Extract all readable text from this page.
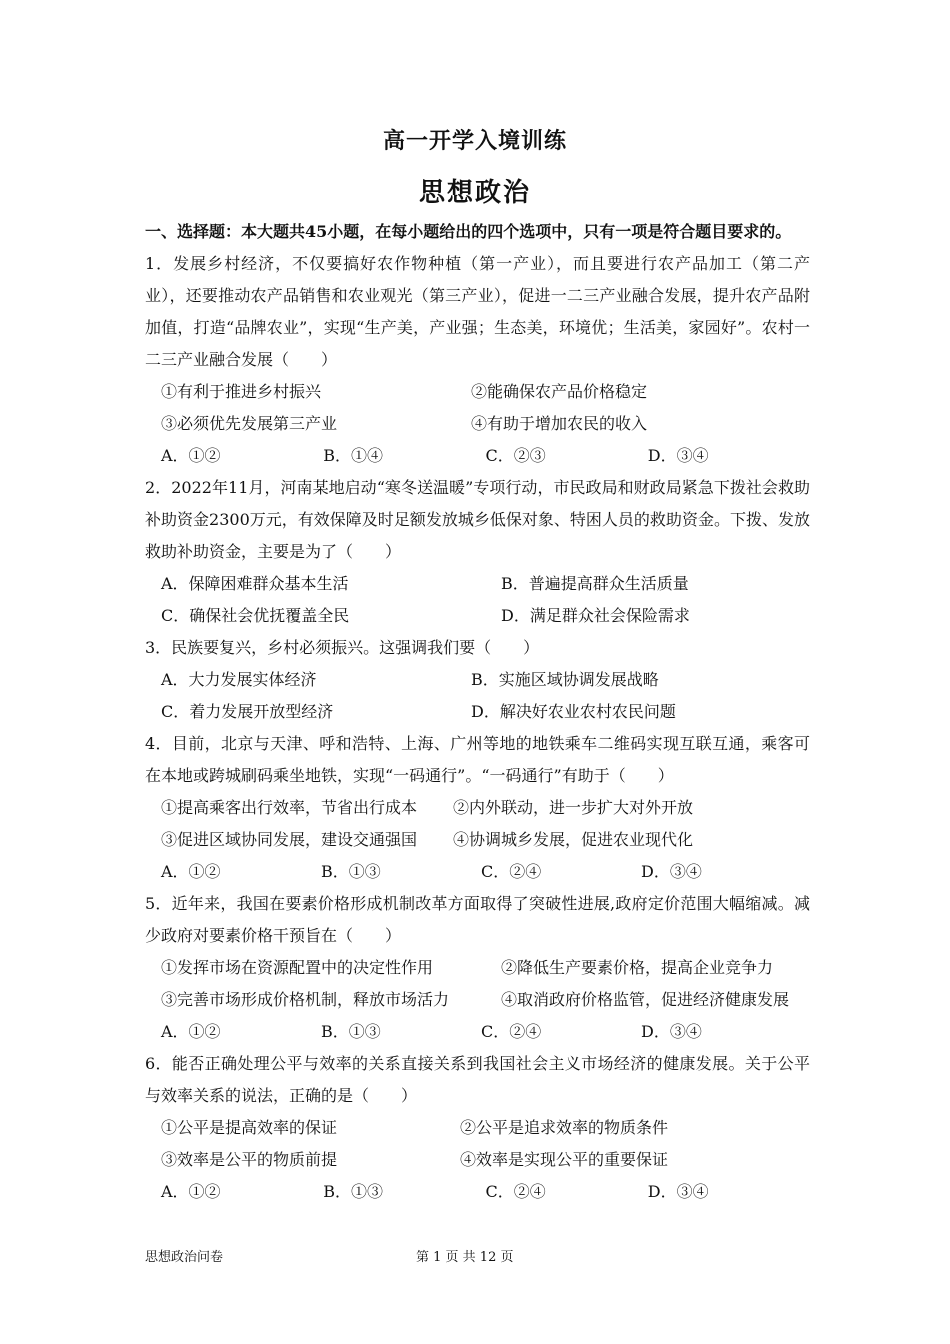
高一开学入境训练
思想政治
一、选择题：本大题共45小题，在每小题给出的四个选项中，只有一项是符合题目要求的。
1．发展乡村经济，不仅要搞好农作物种植（第一产业），而且要进行农产品加工（第二产业），还要推动农产品销售和农业观光（第三产业），促进一二三产业融合发展，提升农产品附加值，打造“品牌农业”，实现“生产美，产业强；生态美，环境优；生活美，家园好”。农村一二三产业融合发展（　　）
①有利于推进乡村振兴	②能确保农产品价格稳定
③必须优先发展第三产业	④有助于增加农民的收入
A．①②	B．①④	C．②③	D．③④
2．2022年11月，河南某地启动“寒冬送温暖”专项行动，市民政局和财政局紧急下拨社会救助补助资金2300万元，有效保障及时足额发放城乡低保对象、特困人员的救助资金。下拨、发放救助补助资金，主要是为了（　　）
A．保障困难群众基本生活	B．普遍提高群众生活质量
C．确保社会优抚覆盖全民	D．满足群众社会保险需求
3．民族要复兴，乡村必须振兴。这强调我们要（　　）
A．大力发展实体经济	B．实施区域协调发展战略
C．着力发展开放型经济	D．解决好农业农村农民问题
4．目前，北京与天津、呼和浩特、上海、广州等地的地铁乘车二维码实现互联互通，乘客可在本地或跨城刷码乘坐地铁，实现“一码通行”。“一码通行”有助于（　　）
①提高乘客出行效率，节省出行成本	②内外联动，进一步扩大对外开放
③促进区域协同发展，建设交通强国	④协调城乡发展，促进农业现代化
A．①②	B．①③	C．②④	D．③④
5．近年来，我国在要素价格形成机制改革方面取得了突破性进展,政府定价范围大幅缩减。减少政府对要素价格干预旨在（　　）
①发挥市场在资源配置中的决定性作用	②降低生产要素价格，提高企业竞争力
③完善市场形成价格机制，释放市场活力	④取消政府价格监管，促进经济健康发展
A．①②	B．①③	C．②④	D．③④
6．能否正确处理公平与效率的关系直接关系到我国社会主义市场经济的健康发展。关于公平与效率关系的说法，正确的是（　　）
①公平是提高效率的保证	②公平是追求效率的物质条件
③效率是公平的物质前提	④效率是实现公平的重要保证
A．①②	B．①③	C．②④	D．③④
思想政治问卷	第 1 页 共 12 页
